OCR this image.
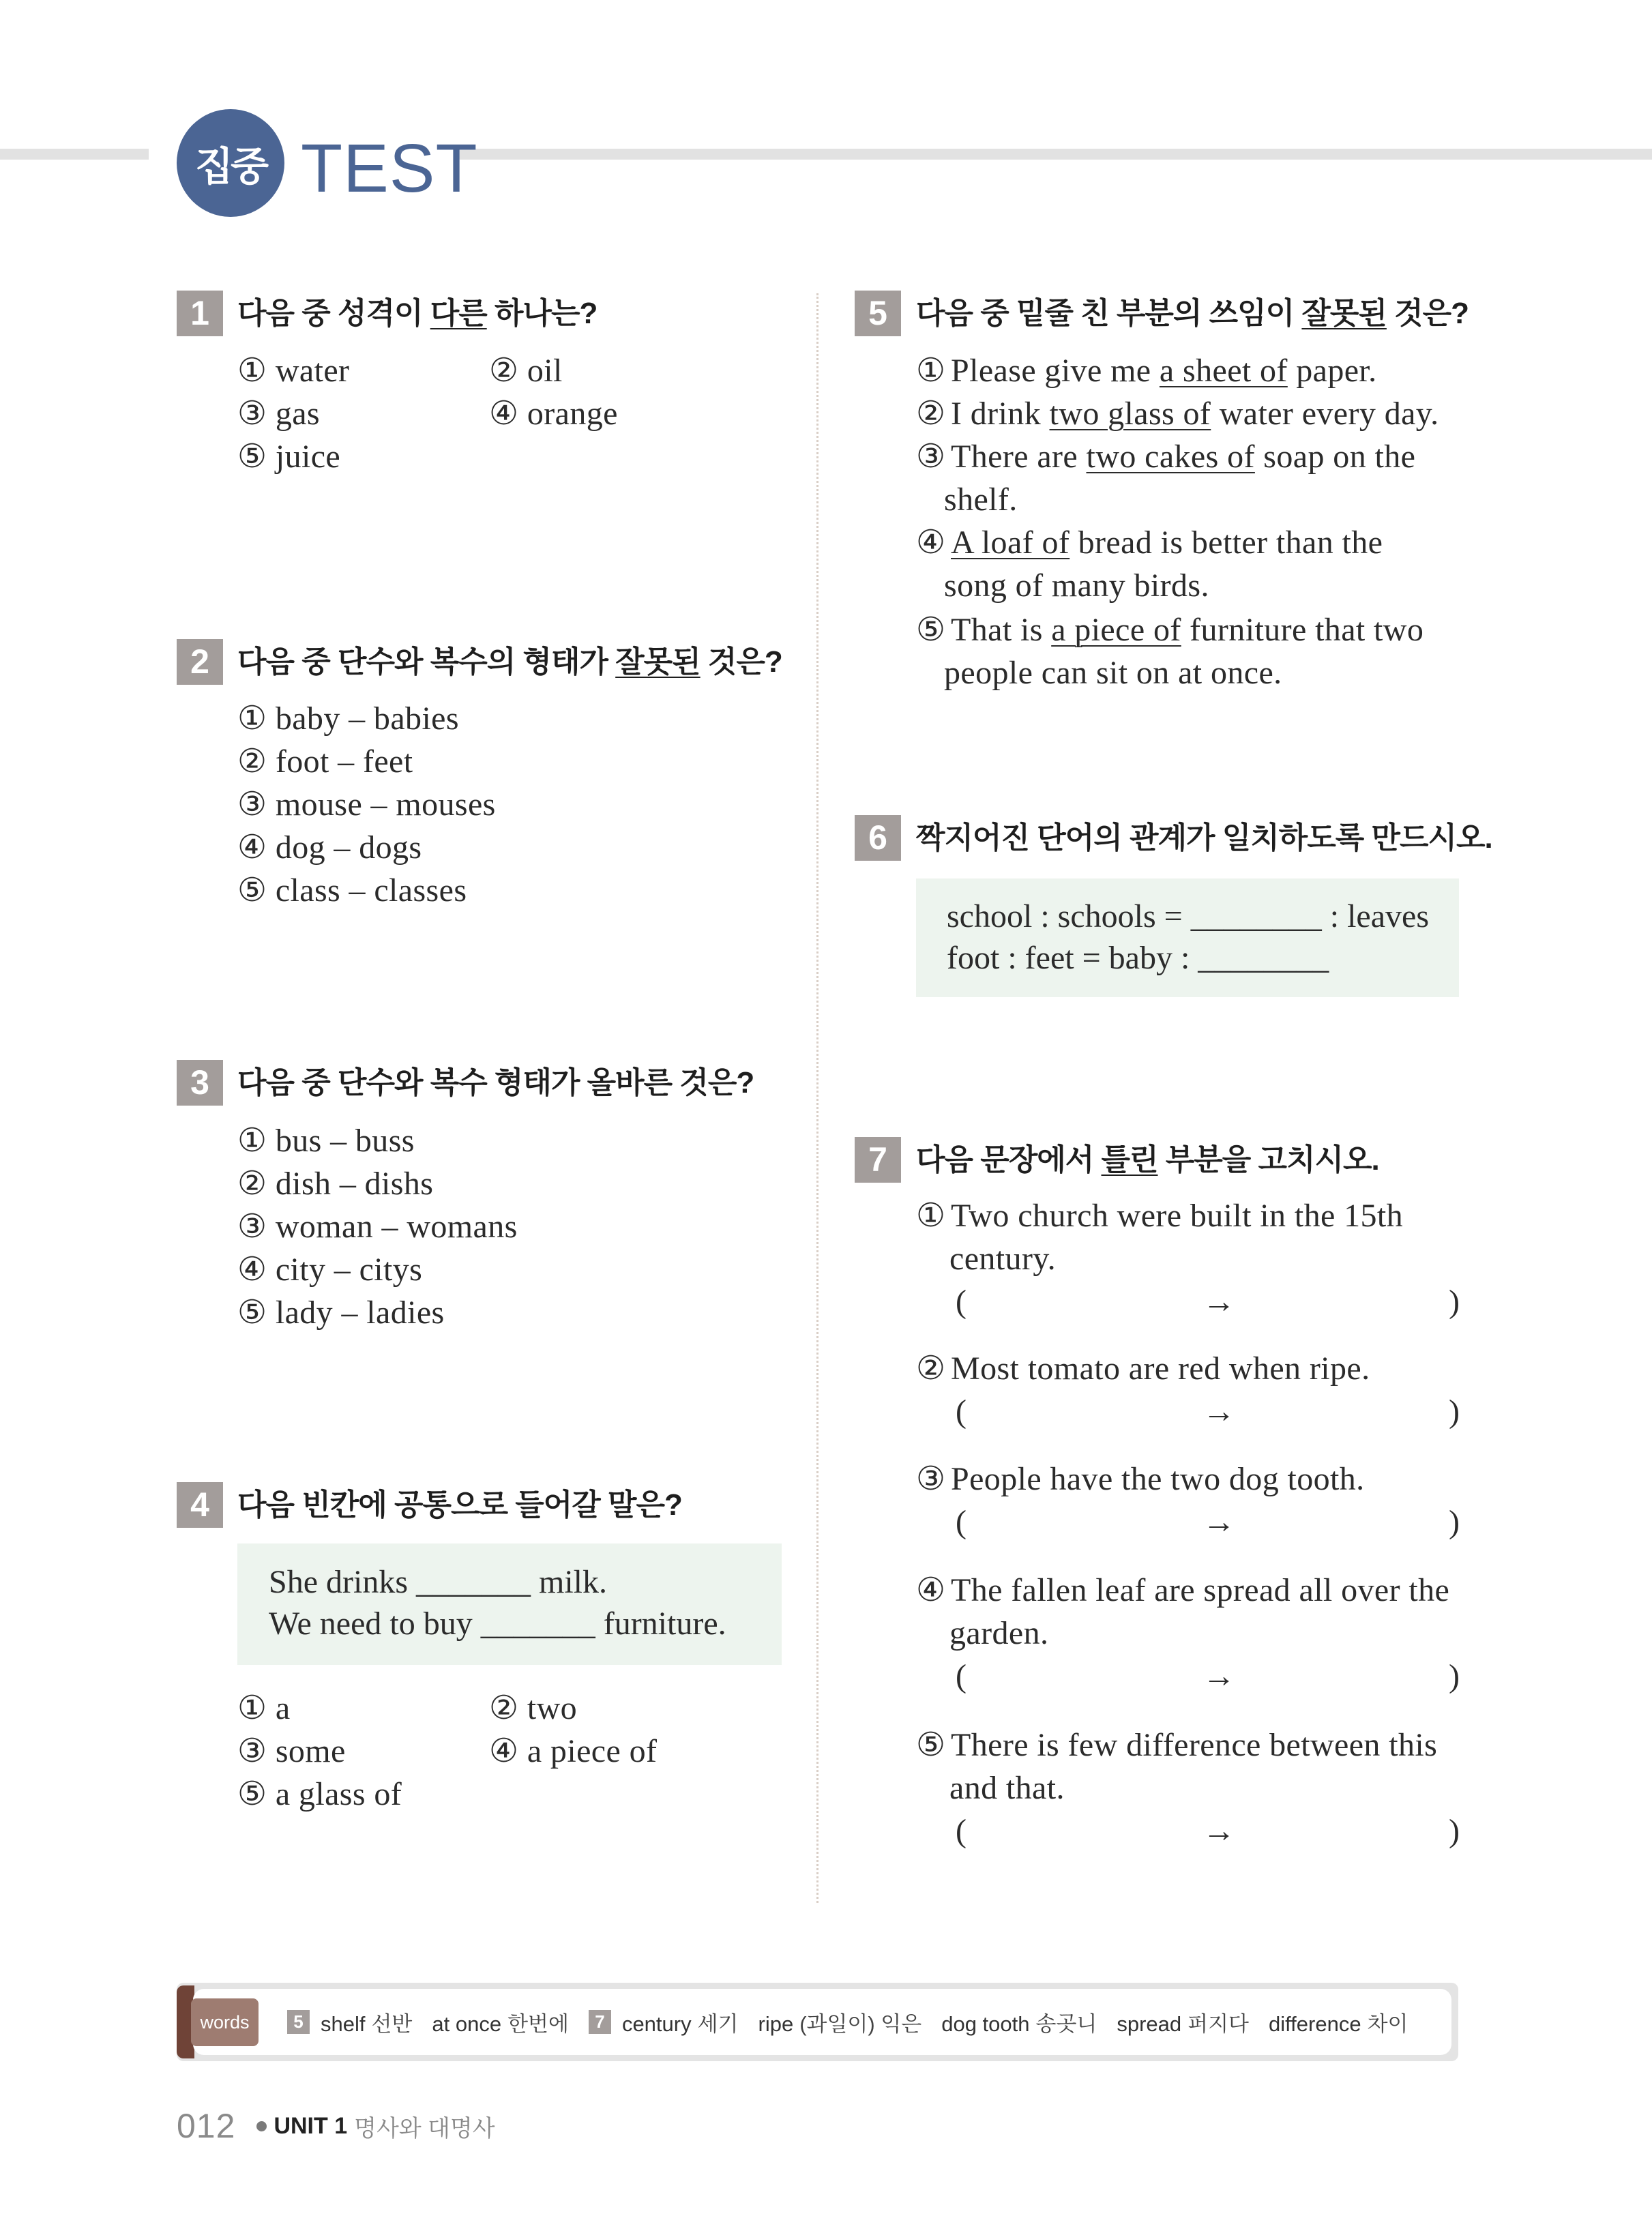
집중 TEST
1 다음 중 성격이 다른 하나는?
① water	② oil
③ gas	④ orange
⑤ juice
2 다음 중 단수와 복수의 형태가 잘못된 것은?
① baby – babies
② foot – feet
③ mouse – mouses
④ dog – dogs
⑤ class – classes
3 다음 중 단수와 복수 형태가 올바른 것은?
① bus – buss
② dish – dishs
③ woman – womans
④ city – citys
⑤ lady – ladies
4 다음 빈칸에 공통으로 들어갈 말은?
She drinks _______ milk.
We need to buy _______ furniture.
① a	② two
③ some	④ a piece of
⑤ a glass of
5 다음 중 밑줄 친 부분의 쓰임이 잘못된 것은?
① Please give me a sheet of paper.
② I drink two glass of water every day.
③ There are two cakes of soap on the
shelf.
④ A loaf of bread is better than the
song of many birds.
⑤ That is a piece of furniture that two
people can sit on at once.
6 짝지어진 단어의 관계가 일치하도록 만드시오.
school : schools = ________ : leaves
foot : feet = baby : ________
7 다음 문장에서 틀린 부분을 고치시오.
① Two church were built in the 15th
century.
(	→	)
② Most tomato are red when ripe.
(	→	)
③ People have the two dog tooth.
(	→	)
④ The fallen leaf are spread all over the
garden.
(	→	)
⑤ There is few difference between this
and that.
(	→	)
words	5 shelf 선반 at once 한번에	7 century 세기 ripe (과일이) 익은 dog tooth 송곳니 spread 퍼지다 difference 차이
012 UNIT 1 명사와 대명사
